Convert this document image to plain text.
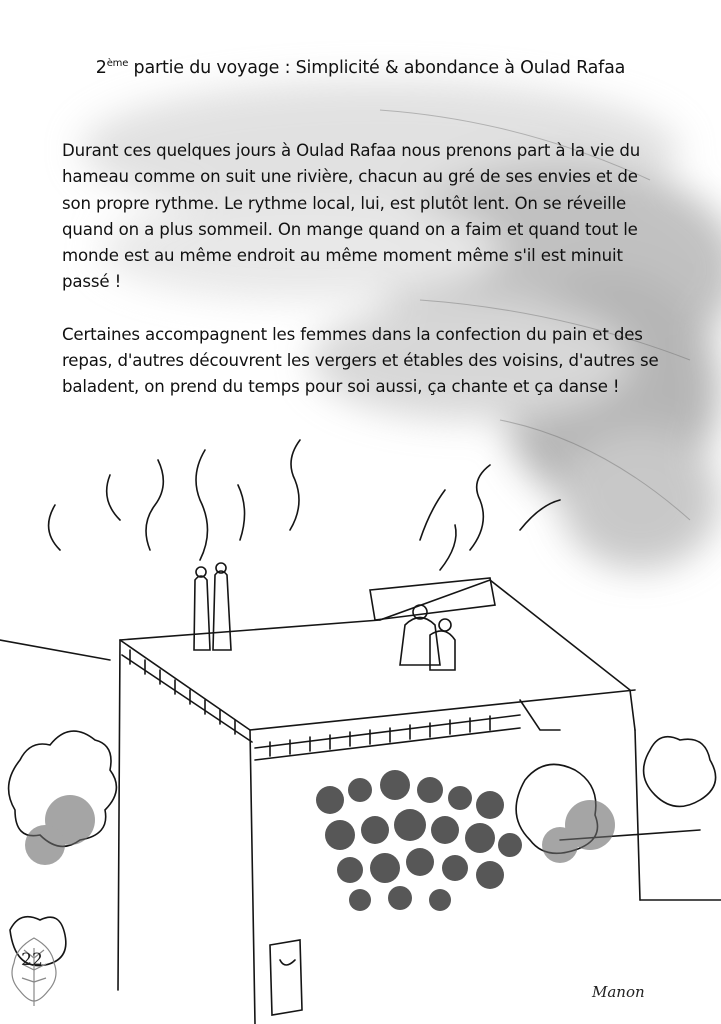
2ème partie du voyage : Simplicité & abondance à Oulad Rafaa

Durant ces quelques jours à Oulad Rafaa nous prenons part à la vie du hameau comme on suit une rivière, chacun au gré de ses envies et de son propre rythme. Le rythme local, lui, est plutôt lent. On se réveille quand on a plus sommeil. On mange quand on a faim et quand tout le monde est au même endroit au même moment même s'il est minuit passé !

Certaines accompagnent les femmes dans la confection du pain et des repas, d'autres découvrent les vergers et étables des voisins, d'autres se baladent, on prend du temps pour soi aussi, ça chante et ça danse !

22
Manon
